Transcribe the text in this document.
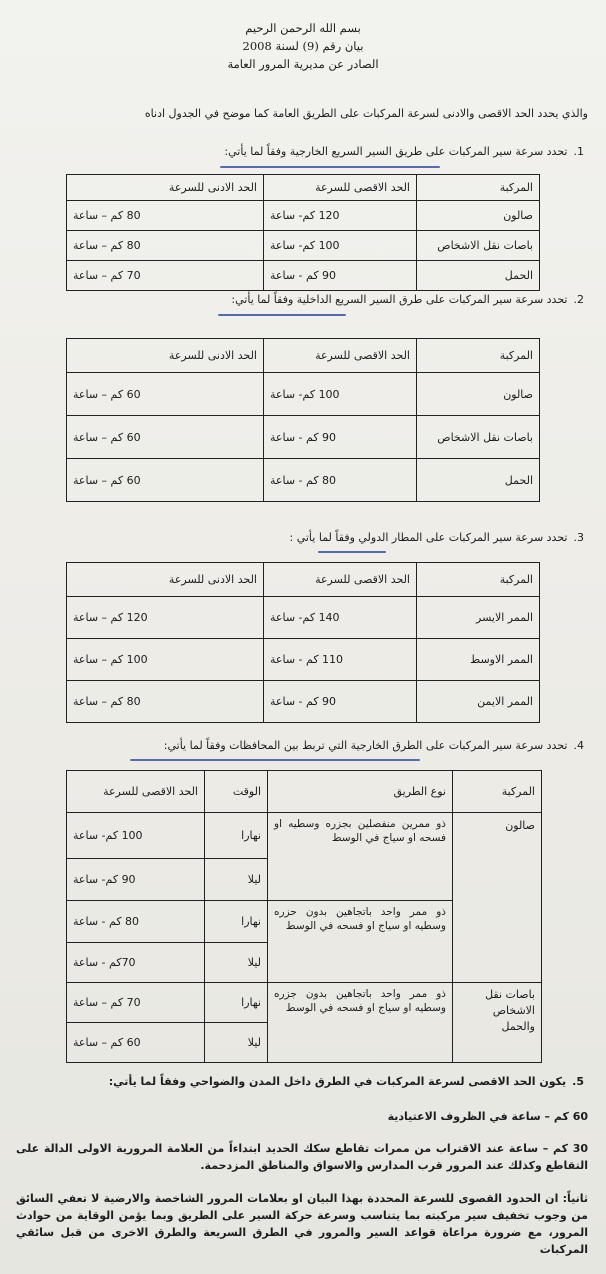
بسم الله الرحمن الرحيم
بيان رقم (9) لسنة 2008
الصادر عن مديرية المرور العامة
والذي يحدد الحد الاقصى والادنى لسرعة المركبات على الطريق العامة كما موضح في الجدول ادناه
1.تحدد سرعة سير المركبات على طريق السير السريع الخارجية وفقاً لما يأتي:
المركبة	الحد الاقصى للسرعة	الحد الادنى للسرعة
صالون	120 كم- ساعة	80 كم – ساعة
باصات نقل الاشخاص	100 كم- ساعة	80 كم – ساعة
الحمل	90 كم - ساعة	70 كم – ساعة
2.تحدد سرعة سير المركبات على طرق السير السريع الداخلية وفقاً لما يأتي:
المركبة	الحد الاقصى للسرعة	الحد الادنى للسرعة
صالون	100 كم- ساعة	60 كم – ساعة
باصات نقل الاشخاص	90 كم - ساعة	60 كم – ساعة
الحمل	80 كم - ساعة	60 كم – ساعة
3.تحدد سرعة سير المركبات على المطار الدولي وفقاً لما يأتي :
المركبة	الحد الاقصى للسرعة	الحد الادنى للسرعة
الممر الايسر	140 كم- ساعة	120 كم – ساعة
الممر الاوسط	110 كم - ساعة	100 كم – ساعة
الممر الايمن	90 كم - ساعة	80 كم – ساعة
4.تحدد سرعة سير المركبات على الطرق الخارجية التي تربط بين المحافظات وفقاً لما يأتي:
المركبة	نوع الطريق	الوقت	الحد الاقصى للسرعة
صالون	ذو ممرين منفصلين بجزره وسطيه او فسحه او سياج في الوسط	نهارا	100 كم- ساعة
		ليلا	90 كم- ساعة
	ذو ممر واحد باتجاهين بدون حزره وسطيه او سياج او فسحه في الوسط	نهارا	80 كم - ساعة
		ليلا	70كم - ساعة
باصات نقل الاشخاص والحمل	ذو ممر واحد باتجاهين بدون جزره وسطيه او سياج او فسحه في الوسط	نهارا	70 كم – ساعة
		ليلا	60 كم – ساعة
5.يكون الحد الاقصى لسرعة المركبات في الطرق داخل المدن والضواحي وفقاً لما يأتي:
60 كم – ساعة في الظروف الاعتيادية
30 كم – ساعة عند الاقتراب من ممرات تقاطع سكك الحديد ابتداءاً من العلامة المرورية الاولى الدالة على التقاطع وكذلك عند المرور قرب المدارس والاسواق والمناطق المزدحمة.
ثانياً: ان الحدود القصوى للسرعة المحددة بهذا البيان او بعلامات المرور الشاخصة والارضية لا تعفي السائق من وجوب تخفيف سير مركبته بما يتناسب وسرعة حركة السير على الطريق وبما يؤمن الوقاية من حوادث المرور، مع ضرورة مراعاة قواعد السير والمرور في الطرق السريعة والطرق الاخرى من قبل سائقي المركبات
